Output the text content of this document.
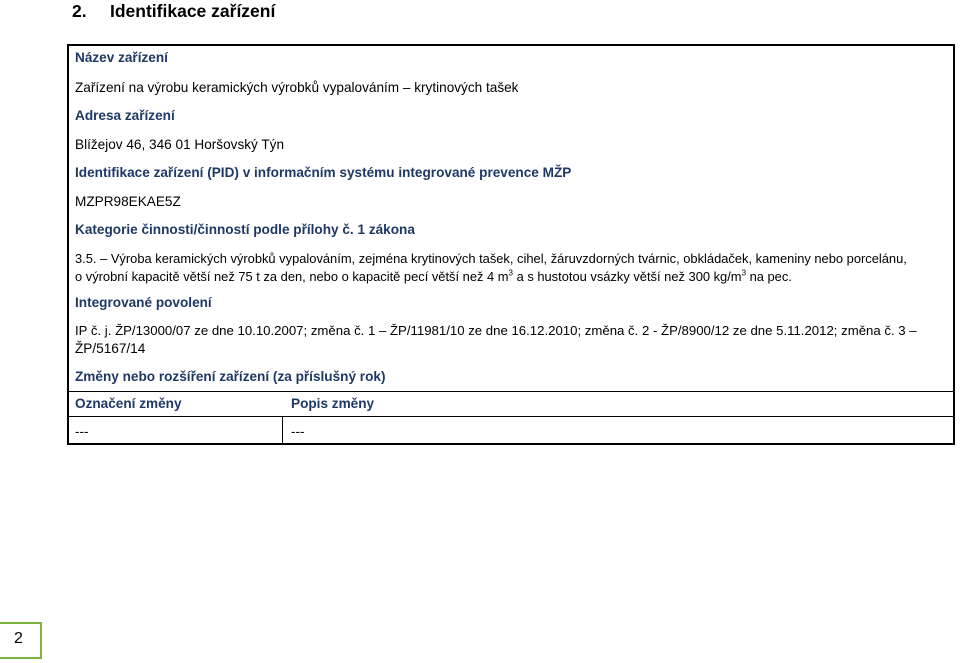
2. Identifikace zařízení
Název zařízení
Zařízení na výrobu keramických výrobků vypalováním – krytinových tašek
Adresa zařízení
Blížejov 46, 346 01 Horšovský Týn
Identifikace zařízení (PID) v informačním systému integrované prevence MŽP
MZPR98EKAE5Z
Kategorie činnosti/činností podle přílohy č. 1 zákona
3.5. – Výroba keramických výrobků vypalováním, zejména krytinových tašek, cihel, žáruvzdorných tvárnic, obkládaček, kameniny nebo porcelánu,
o výrobní kapacitě větší než 75 t za den, nebo o kapacitě pecí větší než 4 $m^3$ a s hustotou vsázky větší než 300 $kg/m^3$ na pec.
Integrované povolení
IP č. j. ŽP/13000/07 ze dne 10.10.2007; změna č. 1 – ŽP/11981/10 ze dne 16.12.2010; změna č. 2 - ŽP/8900/12 ze dne 5.11.2012; změna č. 3 –
ŽP/5167/14
Změny nebo rozšíření zařízení (za příslušný rok)
Označení změny	Popis změny
---	---
2
